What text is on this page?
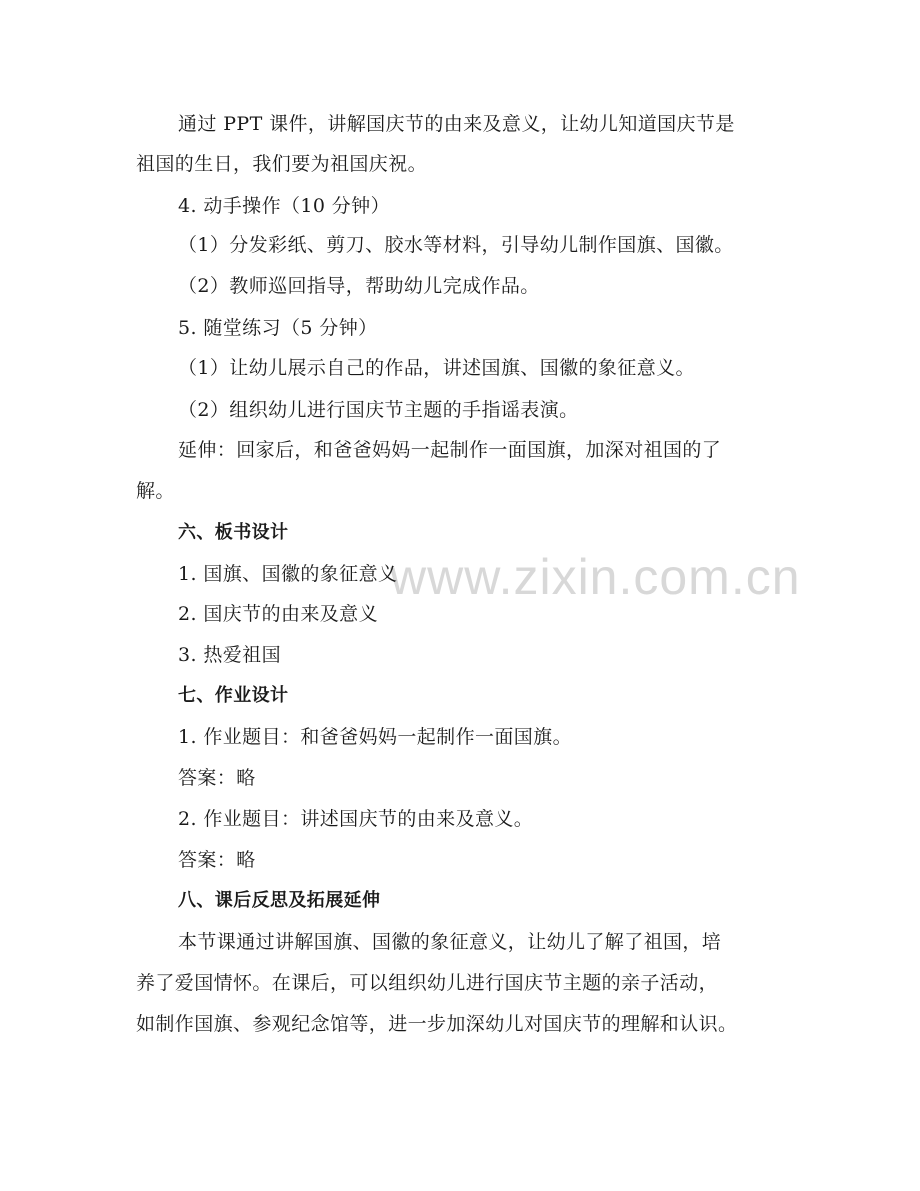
www.zixin.com.cn
通过 PPT 课件，讲解国庆节的由来及意义，让幼儿知道国庆节是
祖国的生日，我们要为祖国庆祝。
4. 动手操作（10 分钟）
（1）分发彩纸、剪刀、胶水等材料，引导幼儿制作国旗、国徽。
（2）教师巡回指导，帮助幼儿完成作品。
5. 随堂练习（5 分钟）
（1）让幼儿展示自己的作品，讲述国旗、国徽的象征意义。
（2）组织幼儿进行国庆节主题的手指谣表演。
延伸：回家后，和爸爸妈妈一起制作一面国旗，加深对祖国的了
解。
六、板书设计
1. 国旗、国徽的象征意义
2. 国庆节的由来及意义
3. 热爱祖国
七、作业设计
1. 作业题目：和爸爸妈妈一起制作一面国旗。
答案：略
2. 作业题目：讲述国庆节的由来及意义。
答案：略
八、课后反思及拓展延伸
本节课通过讲解国旗、国徽的象征意义，让幼儿了解了祖国，培
养了爱国情怀。在课后，可以组织幼儿进行国庆节主题的亲子活动，
如制作国旗、参观纪念馆等，进一步加深幼儿对国庆节的理解和认识。
